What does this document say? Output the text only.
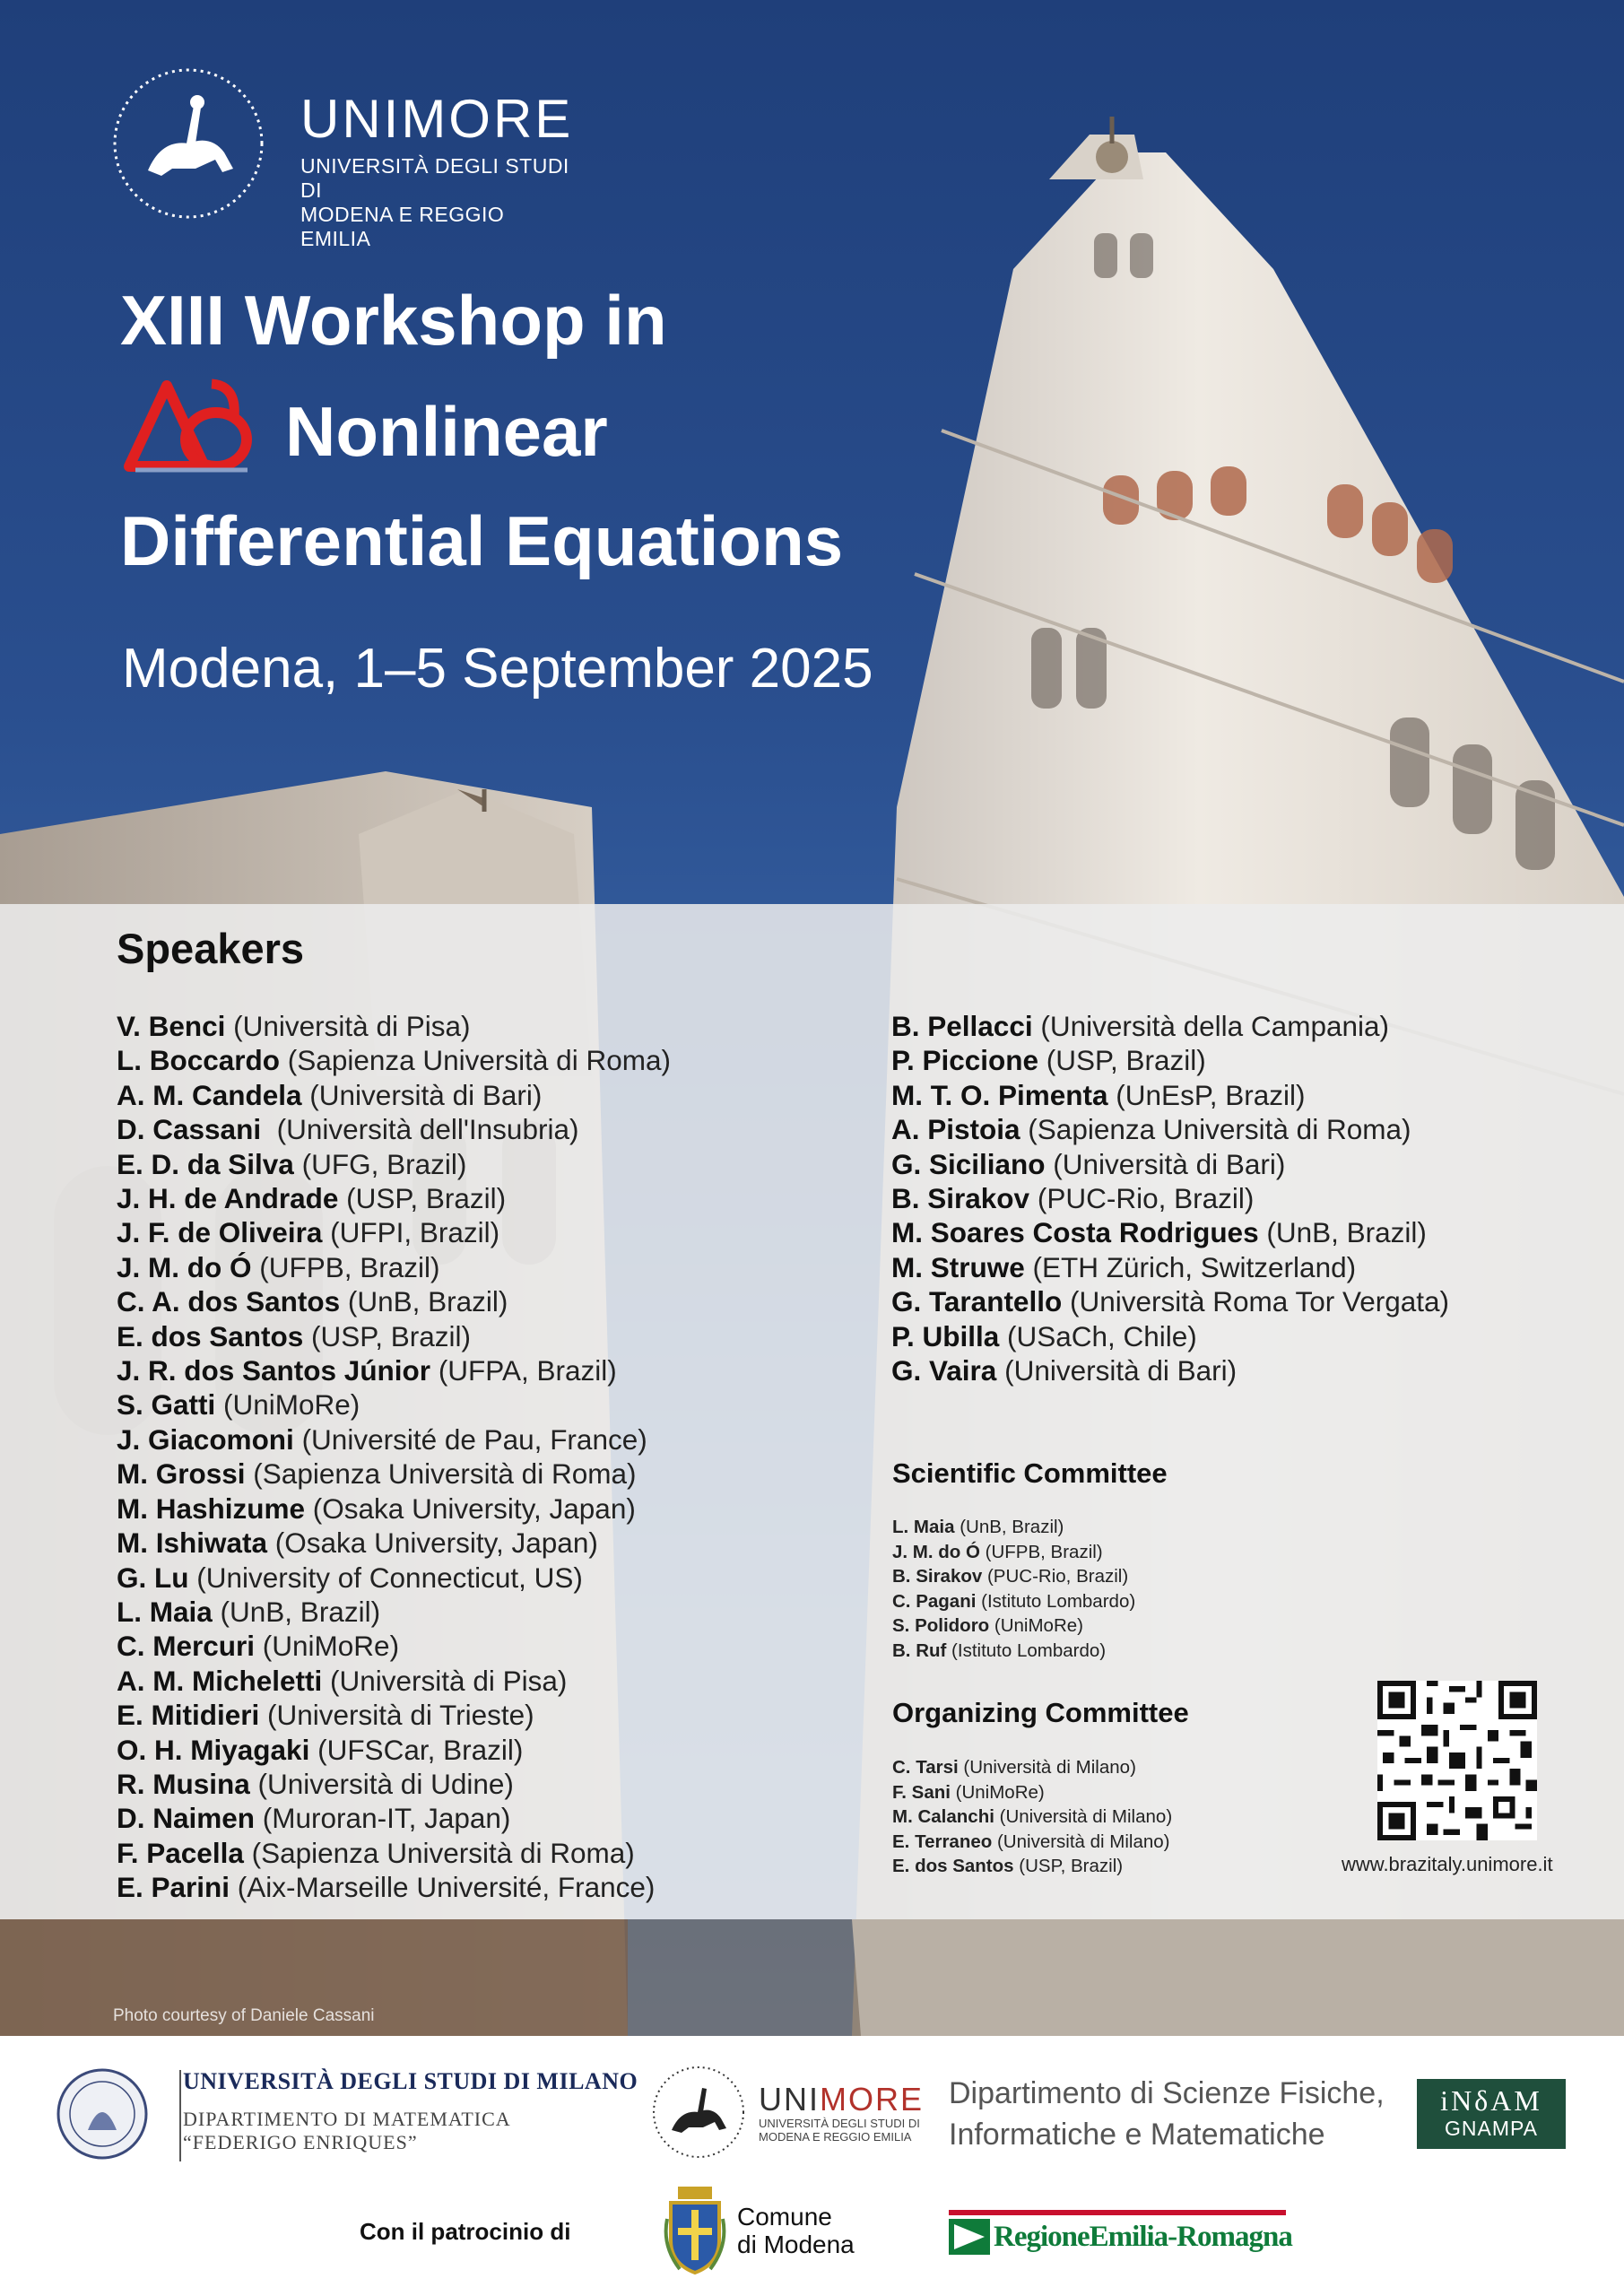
UNIMORE
UNIVERSITÀ DEGLI STUDI DI
MODENA E REGGIO EMILIA
XIII Workshop in
Nonlinear
Differential Equations
Modena, 1–5 September 2025
Speakers
V. Benci (Università di Pisa)
L. Boccardo (Sapienza Università di Roma)
A. M. Candela (Università di Bari)
D. Cassani  (Università dell'Insubria)
E. D. da Silva (UFG, Brazil)
J. H. de Andrade (USP, Brazil)
J. F. de Oliveira (UFPI, Brazil)
J. M. do Ó (UFPB, Brazil)
C. A. dos Santos (UnB, Brazil)
E. dos Santos (USP, Brazil)
J. R. dos Santos Júnior (UFPA, Brazil)
S. Gatti (UniMoRe)
J. Giacomoni (Université de Pau, France)
M. Grossi (Sapienza Università di Roma)
M. Hashizume (Osaka University, Japan)
M. Ishiwata (Osaka University, Japan)
G. Lu (University of Connecticut, US)
L. Maia (UnB, Brazil)
C. Mercuri (UniMoRe)
A. M. Micheletti (Università di Pisa)
E. Mitidieri (Università di Trieste)
O. H. Miyagaki (UFSCar, Brazil)
R. Musina (Università di Udine)
D. Naimen (Muroran-IT, Japan)
F. Pacella (Sapienza Università di Roma)
E. Parini (Aix-Marseille Université, France)
B. Pellacci (Università della Campania)
P. Piccione (USP, Brazil)
M. T. O. Pimenta (UnEsP, Brazil)
A. Pistoia (Sapienza Università di Roma)
G. Siciliano (Università di Bari)
B. Sirakov (PUC-Rio, Brazil)
M. Soares Costa Rodrigues (UnB, Brazil)
M. Struwe (ETH Zürich, Switzerland)
G. Tarantello (Università Roma Tor Vergata)
P. Ubilla (USaCh, Chile)
G. Vaira (Università di Bari)
Scientific Committee
L. Maia (UnB, Brazil)
J. M. do Ó (UFPB, Brazil)
B. Sirakov (PUC-Rio, Brazil)
C. Pagani (Istituto Lombardo)
S. Polidoro (UniMoRe)
B. Ruf (Istituto Lombardo)
Organizing Committee
C. Tarsi (Università di Milano)
F. Sani (UniMoRe)
M. Calanchi (Università di Milano)
E. Terraneo (Università di Milano)
E. dos Santos (USP, Brazil)	www.brazitaly.unimore.it
Photo courtesy of Daniele Cassani
UNIVERSITÀ DEGLI STUDI DI MILANO
DIPARTIMENTO DI MATEMATICA
“FEDERIGO ENRIQUES”
UNIMORE
UNIVERSITÀ DEGLI STUDI DI
MODENA E REGGIO EMILIA
Dipartimento di Scienze Fisiche,
Informatiche e Matematiche
iNδAM
GNAMPA
Con il patrocinio di
Comune
di Modena	RegioneEmilia-Romagna
